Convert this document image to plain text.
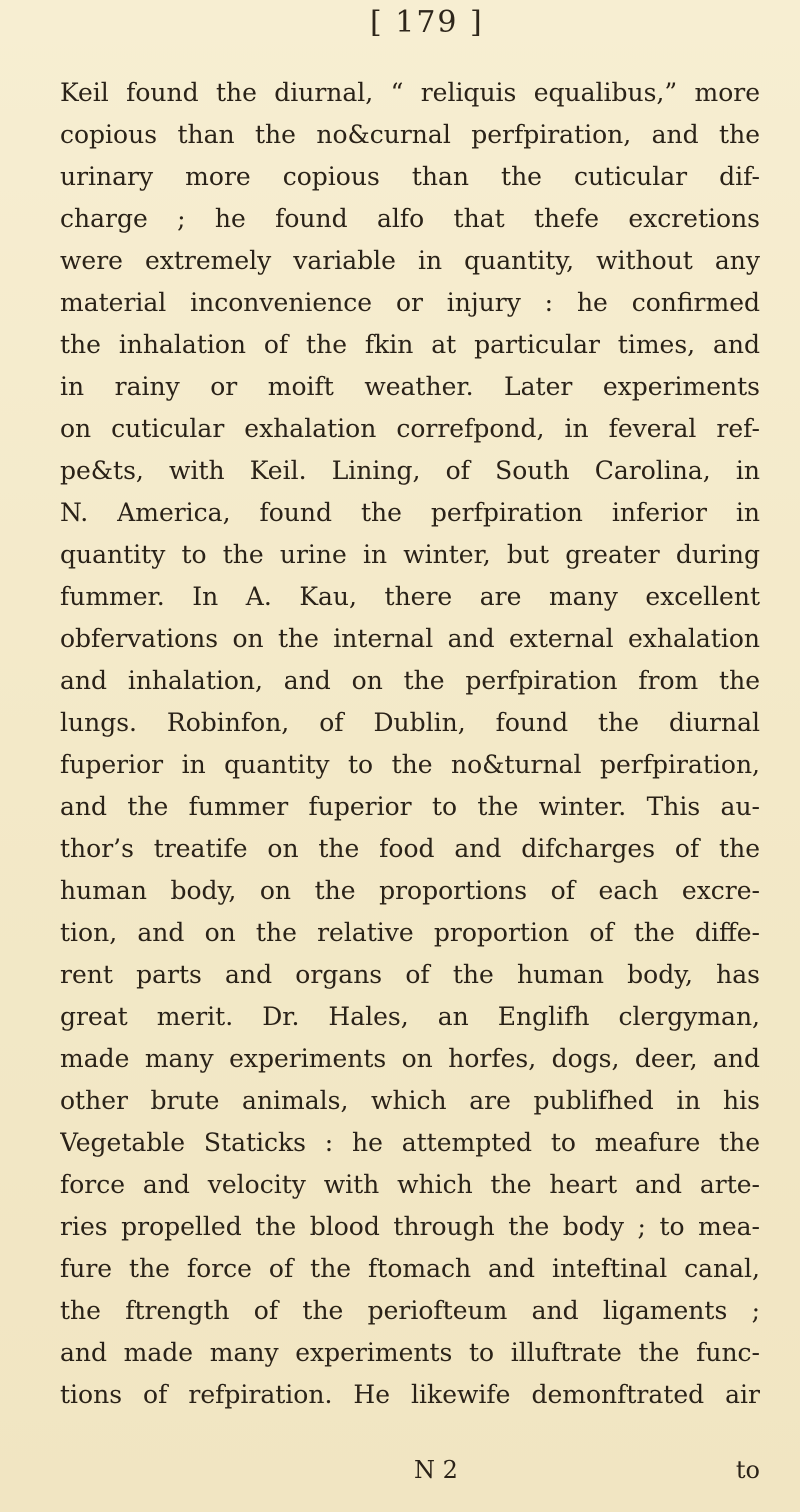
[ 179 ]
Keil found the diurnal, “ reliquis equalibus,” more
copious than the no&curnal perfpiration, and the
urinary more copious than the cuticular dif-
charge ; he found alfo that thefe excretions
were extremely variable in quantity, without any
material inconvenience or injury : he confirmed
the inhalation of the fkin at particular times, and
in rainy or moift weather. Later experiments
on cuticular exhalation correfpond, in feveral ref-
pe&ts, with Keil. Lining, of South Carolina, in
N. America, found the perfpiration inferior in
quantity to the urine in winter, but greater during
fummer. In A. Kau, there are many excellent
obfervations on the internal and external exhalation
and inhalation, and on the perfpiration from the
lungs. Robinfon, of Dublin, found the diurnal
fuperior in quantity to the no&turnal perfpiration,
and the fummer fuperior to the winter. This au-
thor’s treatife on the food and difcharges of the
human body, on the proportions of each excre-
tion, and on the relative proportion of the diffe-
rent parts and organs of the human body, has
great merit. Dr. Hales, an Englifh clergyman,
made many experiments on horfes, dogs, deer, and
other brute animals, which are publifhed in his
Vegetable Staticks : he attempted to meafure the
force and velocity with which the heart and arte-
ries propelled the blood through the body ; to mea-
fure the force of the ftomach and inteftinal canal,
the ftrength of the periofteum and ligaments ;
and made many experiments to illuftrate the func-
tions of refpiration. He likewife demonftrated air
N 2	to
